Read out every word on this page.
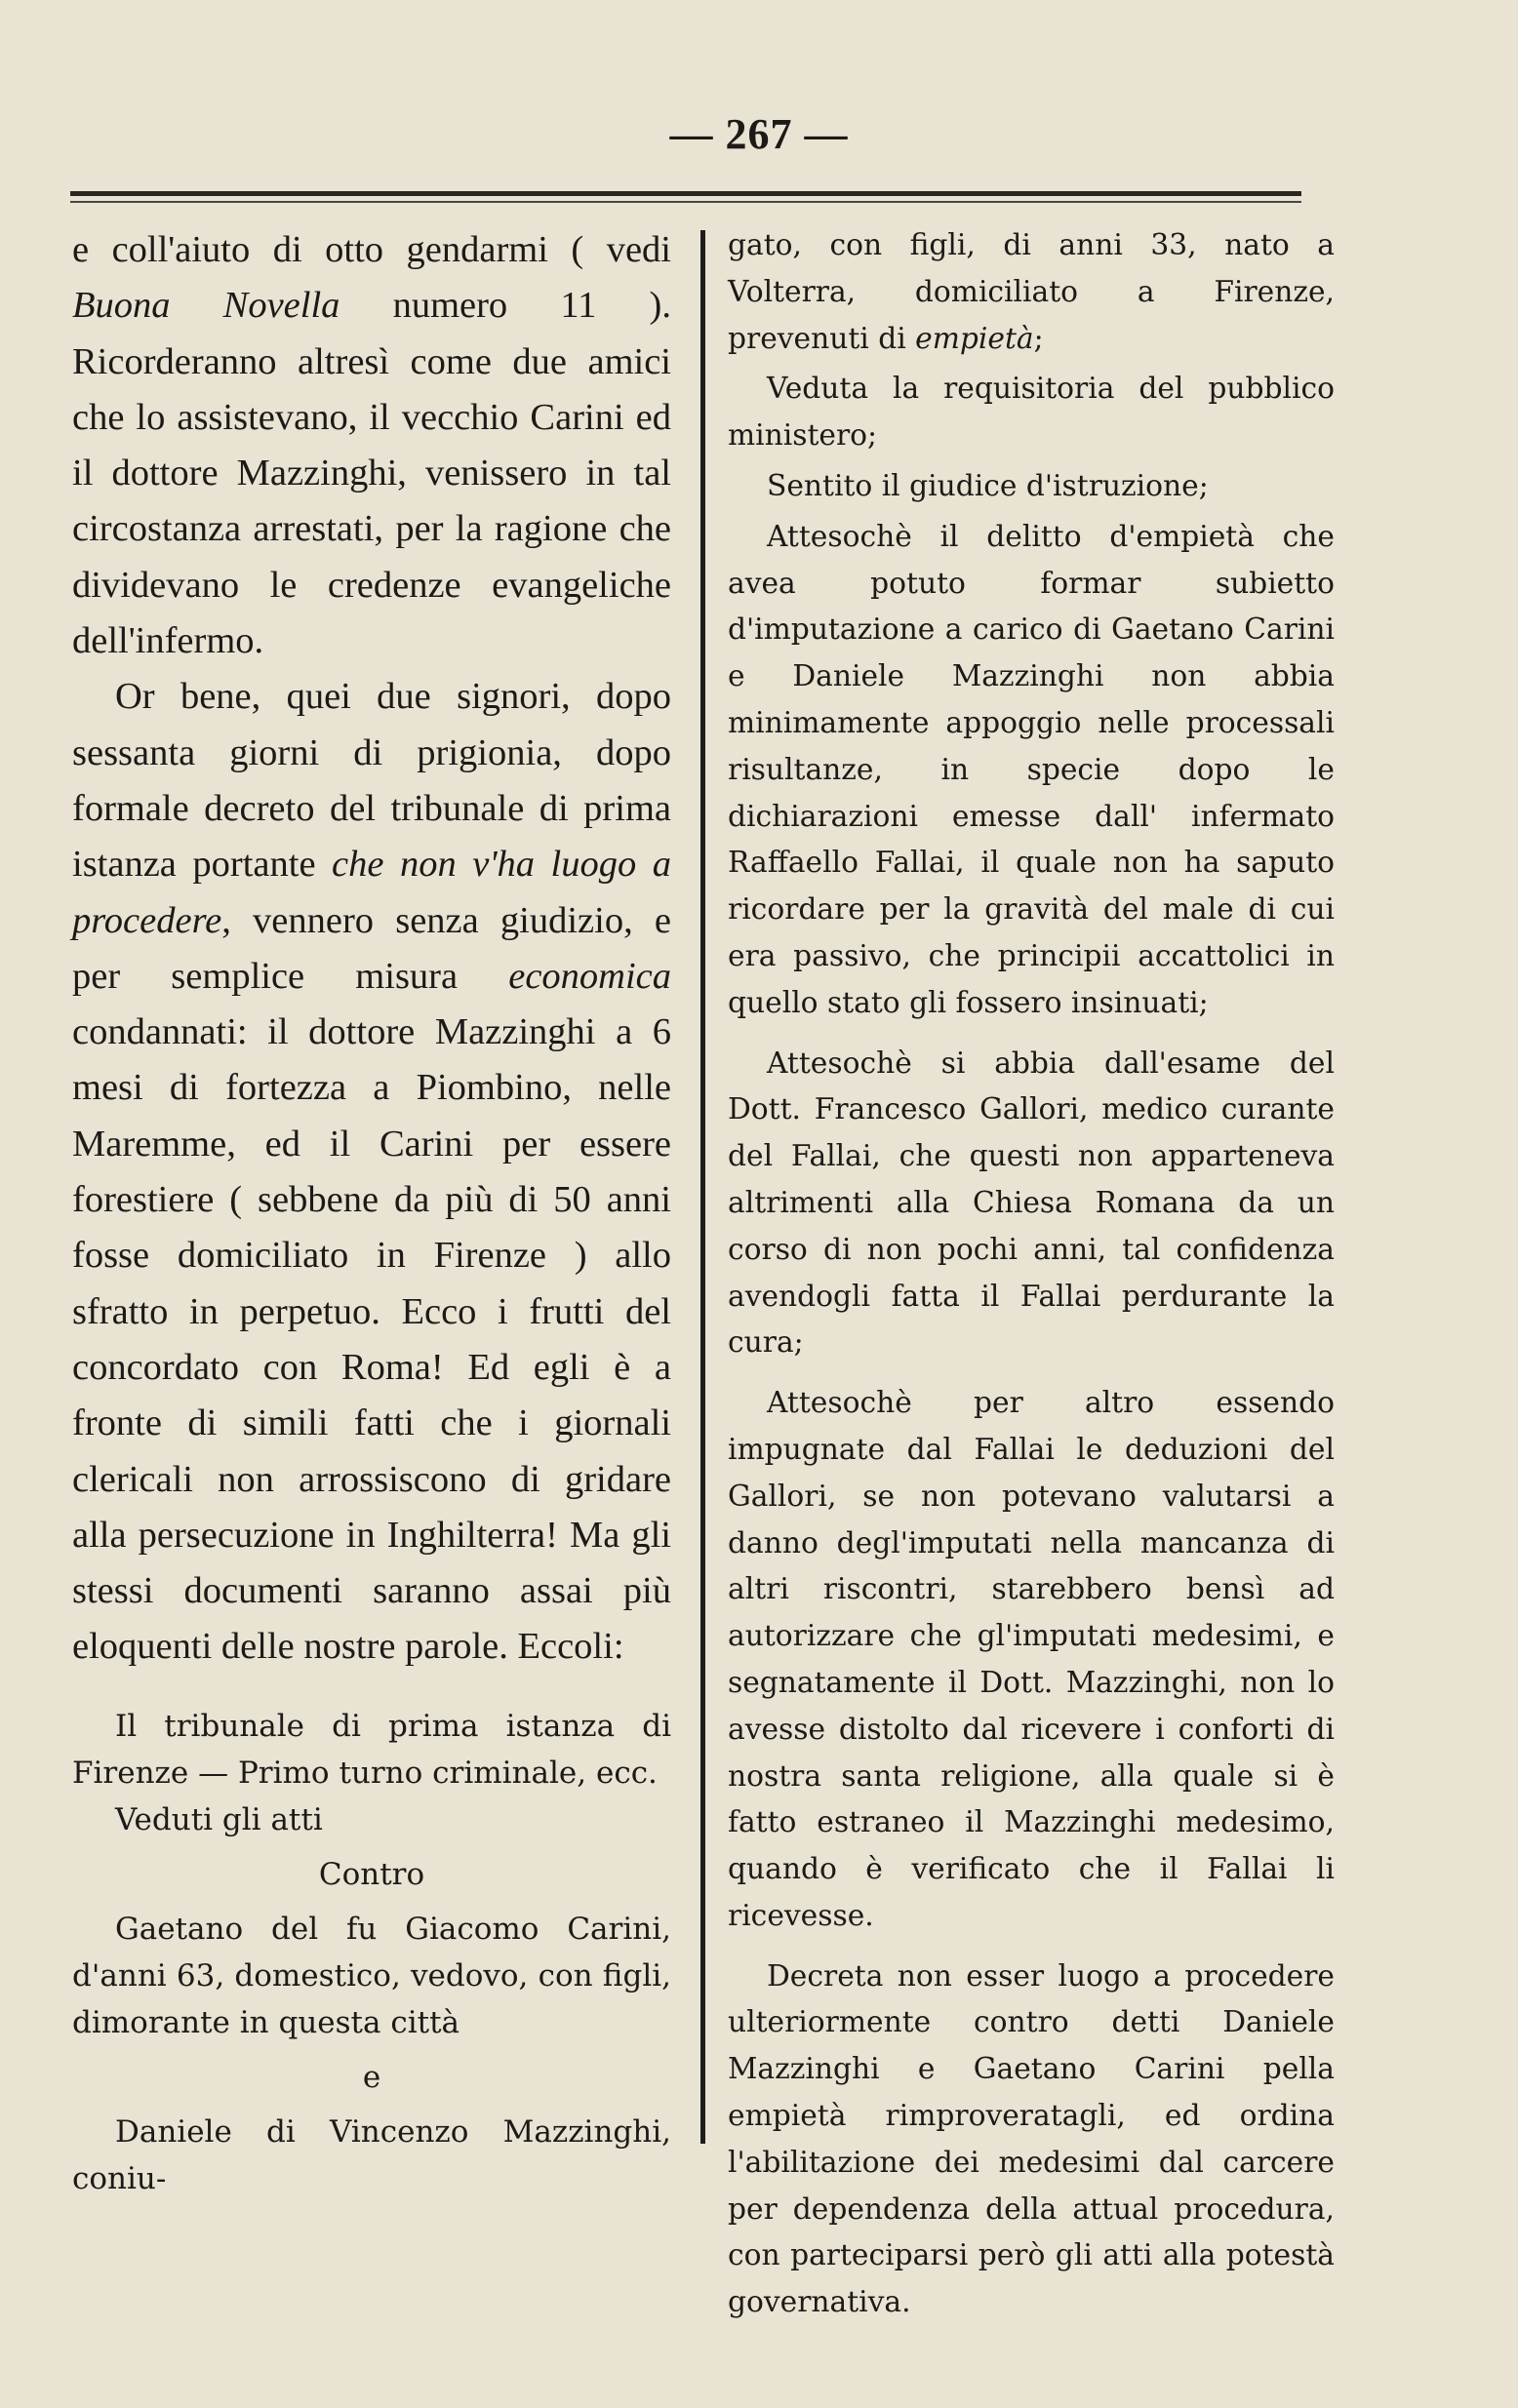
— 267 —

e coll'aiuto di otto gendarmi ( vedi Buona Novella numero 11 ). Ricorderanno altresì come due amici che lo assistevano, il vecchio Carini ed il dottore Mazzinghi, venissero in tal circostanza arrestati, per la ragione che dividevano le credenze evangeliche dell'infermo.

Or bene, quei due signori, dopo sessanta giorni di prigionia, dopo formale decreto del tribunale di prima istanza portante che non v'ha luogo a procedere, vennero senza giudizio, e per semplice misura economica condannati: il dottore Mazzinghi a 6 mesi di fortezza a Piombino, nelle Maremme, ed il Carini per essere forestiere ( sebbene da più di 50 anni fosse domiciliato in Firenze ) allo sfratto in perpetuo. Ecco i frutti del concordato con Roma! Ed egli è a fronte di simili fatti che i giornali clericali non arrossiscono di gridare alla persecuzione in Inghilterra! Ma gli stessi documenti saranno assai più eloquenti delle nostre parole. Eccoli:

Il tribunale di prima istanza di Firenze — Primo turno criminale, ecc.

Veduti gli atti

Contro

Gaetano del fu Giacomo Carini, d'anni 63, domestico, vedovo, con figli, dimorante in questa città

e

Daniele di Vincenzo Mazzinghi, coniu-

gato, con figli, di anni 33, nato a Volterra, domiciliato a Firenze, prevenuti di empietà;

Veduta la requisitoria del pubblico ministero;

Sentito il giudice d'istruzione;

Attesochè il delitto d'empietà che avea potuto formar subietto d'imputazione a carico di Gaetano Carini e Daniele Mazzinghi non abbia minimamente appoggio nelle processali risultanze, in specie dopo le dichiarazioni emesse dall' infermato Raffaello Fallai, il quale non ha saputo ricordare per la gravità del male di cui era passivo, che principii accattolici in quello stato gli fossero insinuati;

Attesochè si abbia dall'esame del Dott. Francesco Gallori, medico curante del Fallai, che questi non apparteneva altrimenti alla Chiesa Romana da un corso di non pochi anni, tal confidenza avendogli fatta il Fallai perdurante la cura;

Attesochè per altro essendo impugnate dal Fallai le deduzioni del Gallori, se non potevano valutarsi a danno degl'imputati nella mancanza di altri riscontri, starebbero bensì ad autorizzare che gl'imputati medesimi, e segnatamente il Dott. Mazzinghi, non lo avesse distolto dal ricevere i conforti di nostra santa religione, alla quale si è fatto estraneo il Mazzinghi medesimo, quando è verificato che il Fallai li ricevesse.

Decreta non esser luogo a procedere ulteriormente contro detti Daniele Mazzinghi e Gaetano Carini pella empietà rimproveratagli, ed ordina l'abilitazione dei medesimi dal carcere per dependenza della attual procedura, con parteciparsi però gli atti alla potestà governativa.
